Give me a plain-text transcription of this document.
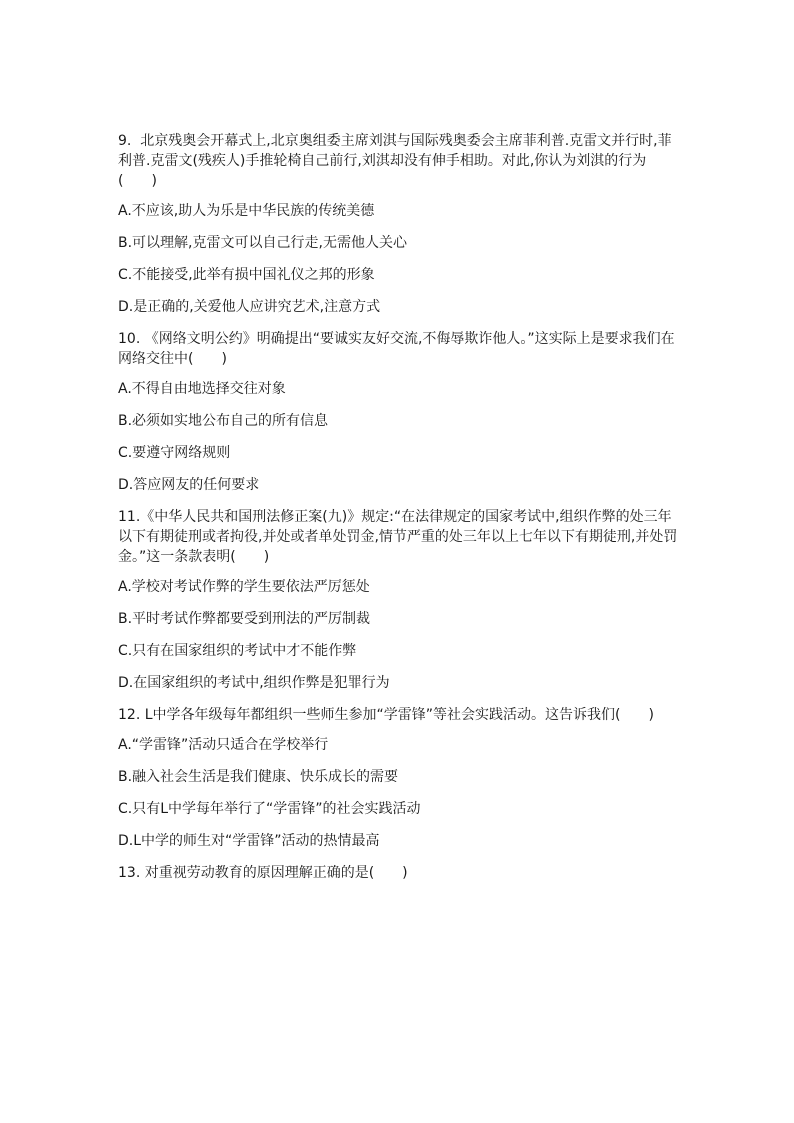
9.  北京残奥会开幕式上,北京奥组委主席刘淇与国际残奥委会主席菲利普.克雷文并行时,菲利普.克雷文(残疾人)手推轮椅自己前行,刘淇却没有伸手相助。对此,你认为刘淇的行为(　　)

A.不应该,助人为乐是中华民族的传统美德

B.可以理解,克雷文可以自己行走,无需他人关心

C.不能接受,此举有损中国礼仪之邦的形象

D.是正确的,关爱他人应讲究艺术,注意方式

10. 《网络文明公约》明确提出“要诚实友好交流,不侮辱欺诈他人。”这实际上是要求我们在网络交往中(　　)

A.不得自由地选择交往对象

B.必须如实地公布自己的所有信息

C.要遵守网络规则

D.答应网友的任何要求

11.《中华人民共和国刑法修正案(九)》规定:“在法律规定的国家考试中,组织作弊的处三年以下有期徒刑或者拘役,并处或者单处罚金,情节严重的处三年以上七年以下有期徒刑,并处罚金。”这一条款表明(　　)

A.学校对考试作弊的学生要依法严厉惩处

B.平时考试作弊都要受到刑法的严厉制裁

C.只有在国家组织的考试中才不能作弊

D.在国家组织的考试中,组织作弊是犯罪行为

12. L中学各年级每年都组织一些师生参加“学雷锋”等社会实践活动。这告诉我们(　　)

A.“学雷锋”活动只适合在学校举行

B.融入社会生活是我们健康、快乐成长的需要

C.只有L中学每年举行了“学雷锋”的社会实践活动

D.L中学的师生对“学雷锋”活动的热情最高

13. 对重视劳动教育的原因理解正确的是(　　)
